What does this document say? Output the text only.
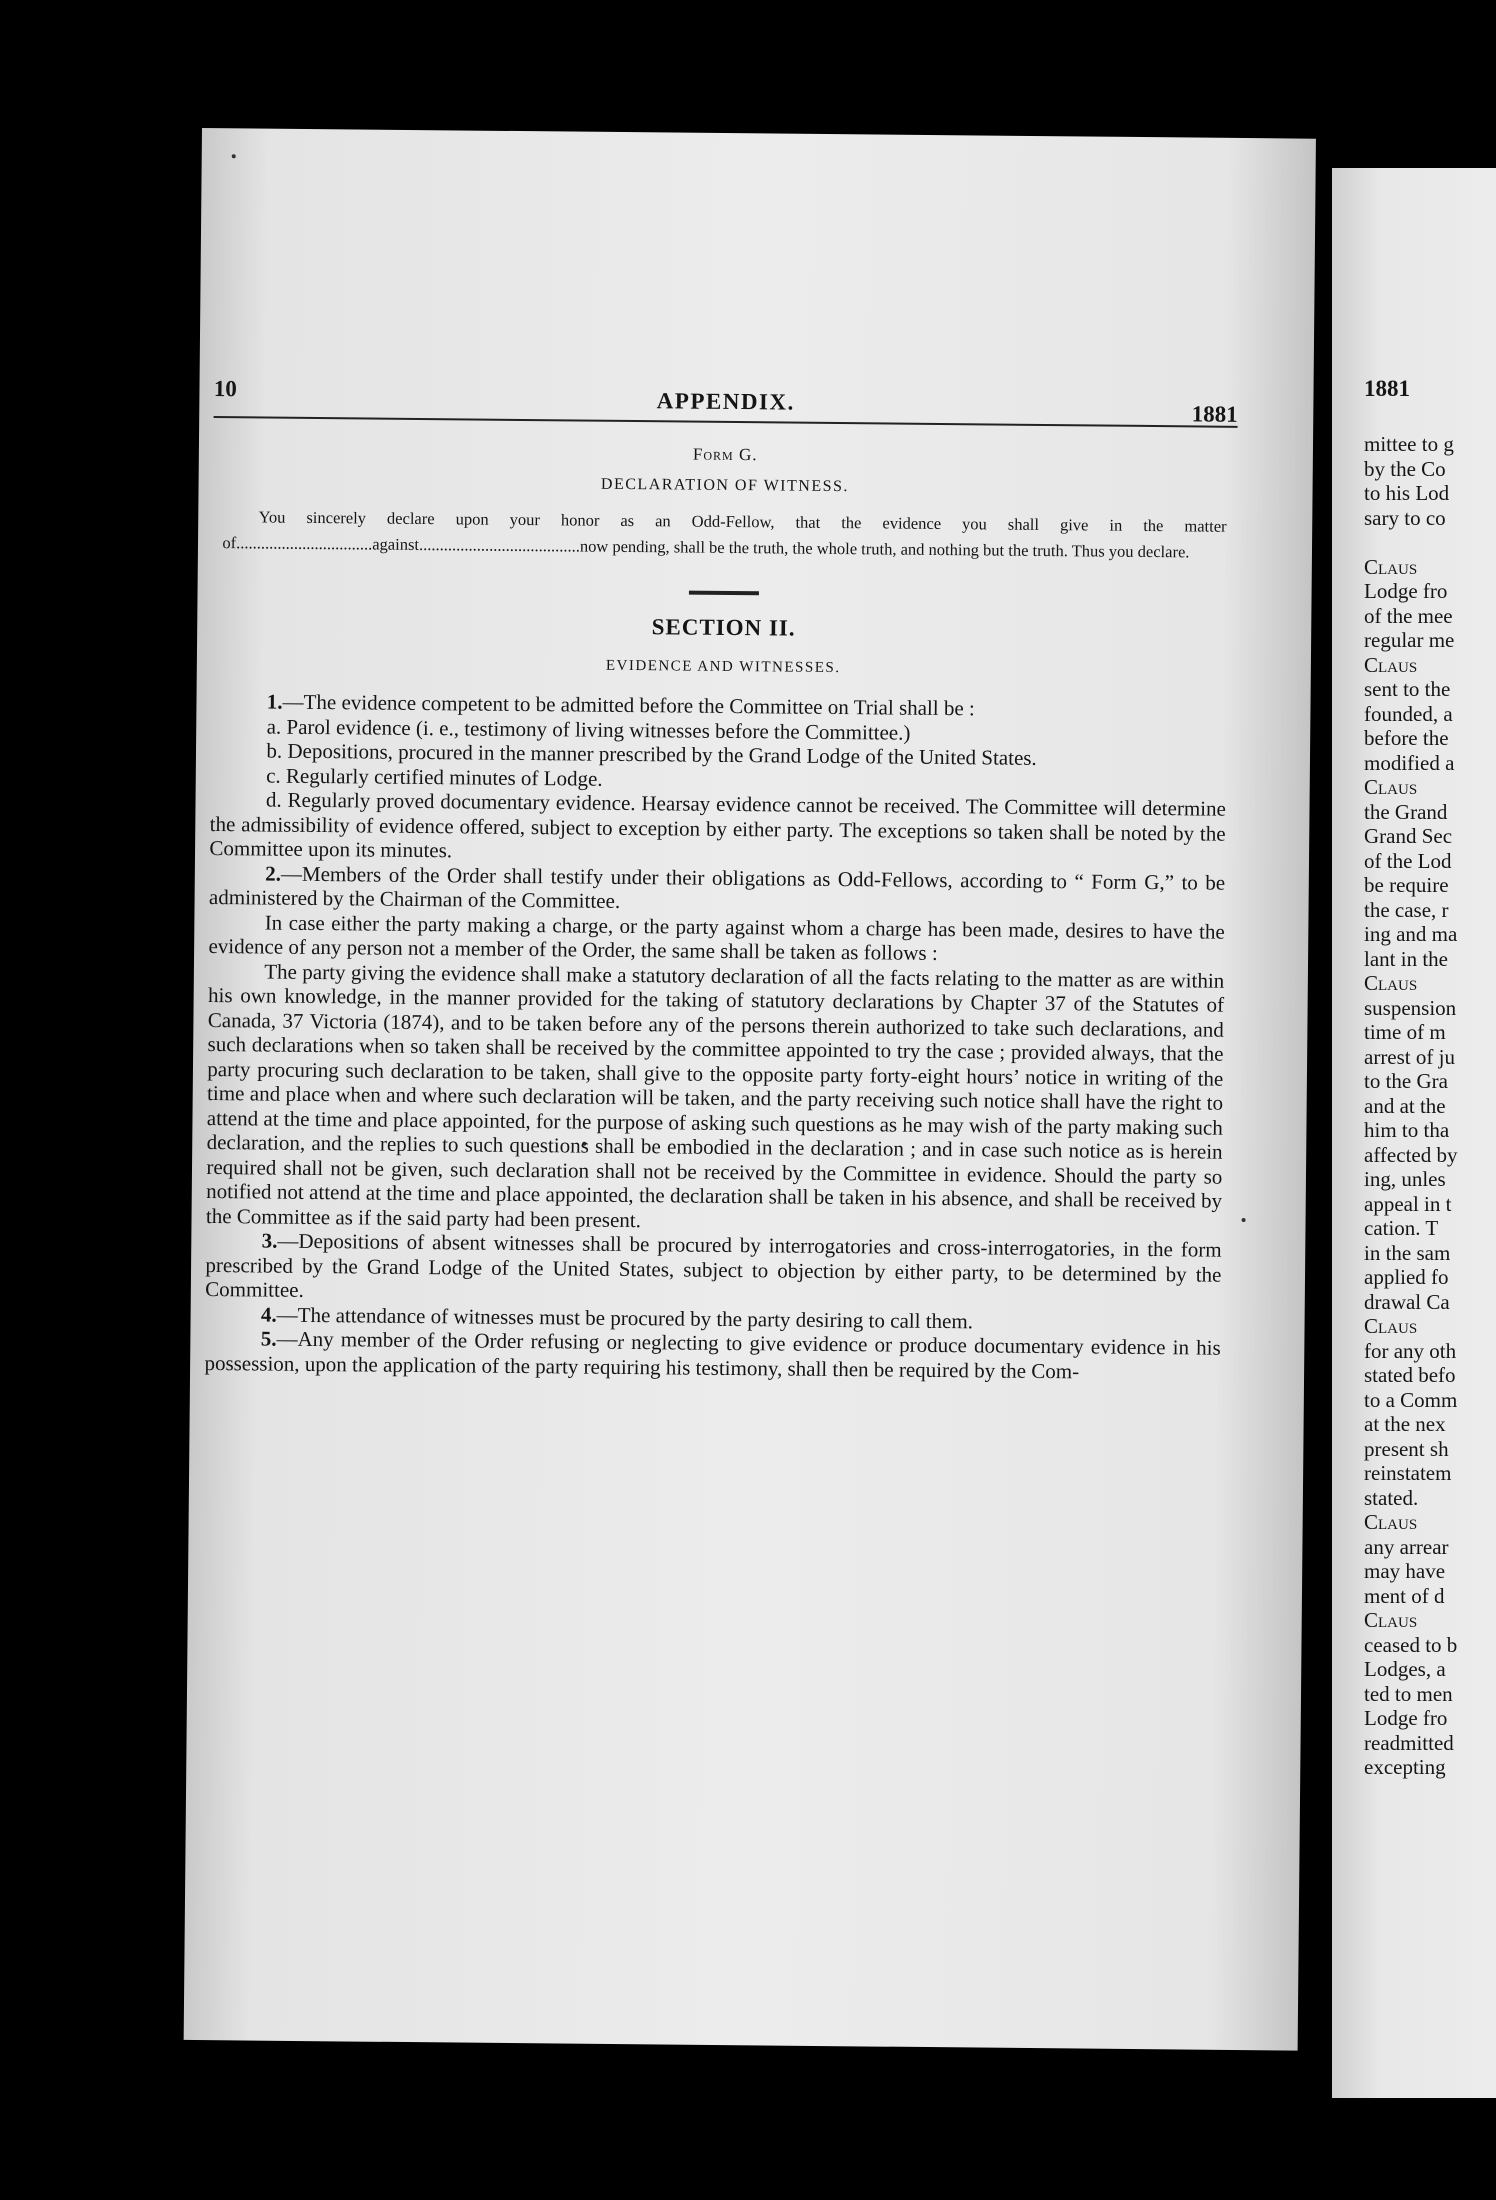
10	APPENDIX.	1881
Form G.
DECLARATION OF WITNESS.
You sincerely declare upon your honor as an Odd-Fellow, that the evidence you shall give in the matter of.................................against.......................................now pending, shall be the truth, the whole truth, and nothing but the truth. Thus you declare.
SECTION II.
EVIDENCE AND WITNESSES.

1.—The evidence competent to be admitted before the Committee on Trial shall be :

a. Parol evidence (i. e., testimony of living witnesses before the Committee.)

b. Depositions, procured in the manner prescribed by the Grand Lodge of the United States.

c. Regularly certified minutes of Lodge.

d. Regularly proved documentary evidence. Hearsay evidence cannot be received. The Committee will determine the admissibility of evidence offered, subject to exception by either party. The exceptions so taken shall be noted by the Committee upon its minutes.

2.—Members of the Order shall testify under their obligations as Odd-Fellows, according to “ Form G,” to be administered by the Chairman of the Committee.

In case either the party making a charge, or the party against whom a charge has been made, desires to have the evidence of any person not a member of the Order, the same shall be taken as follows :

The party giving the evidence shall make a statutory declaration of all the facts relating to the matter as are within his own knowledge, in the manner provided for the taking of statutory declarations by Chapter 37 of the Statutes of Canada, 37 Victoria (1874), and to be taken before any of the persons therein authorized to take such declarations, and such declarations when so taken shall be received by the committee appointed to try the case ; provided always, that the party procuring such declaration to be taken, shall give to the opposite party forty-eight hours’ notice in writing of the time and place when and where such declaration will be taken, and the party receiving such notice shall have the right to attend at the time and place appointed, for the purpose of asking such questions as he may wish of the party making such declaration, and the replies to such questions shall be embodied in the declaration ; and in case such notice as is herein required shall not be given, such declaration shall not be received by the Committee in evidence. Should the party so notified not attend at the time and place appointed, the declaration shall be taken in his absence, and shall be received by the Committee as if the said party had been present.

3.—Depositions of absent witnesses shall be procured by interrogatories and cross-interrogatories, in the form prescribed by the Grand Lodge of the United States, subject to objection by either party, to be determined by the Committee.

4.—The attendance of witnesses must be procured by the party desiring to call them.

5.—Any member of the Order refusing or neglecting to give evidence or produce documentary evidence in his possession, upon the application of the party requiring his testimony, shall then be required by the Com-

1881
mittee to g
by the Co
to his Lod
sary to co
Claus
Lodge fro
of the mee
regular me
Claus
sent to the
founded, a
before the
modified a
Claus
the Grand
Grand Sec
of the Lod
be require
the case, r
ing and ma
lant in the
Claus
suspension
time of m
arrest of ju
to the Gra
and at the
him to tha
affected by
ing, unles
appeal in t
cation. T
in the sam
applied fo
drawal Ca
Claus
for any oth
stated befo
to a Comm
at the nex
present sh
reinstatem
stated.
Claus
any arrear
may have
ment of d
Claus
ceased to b
Lodges, a
ted to men
Lodge fro
readmitted
excepting
